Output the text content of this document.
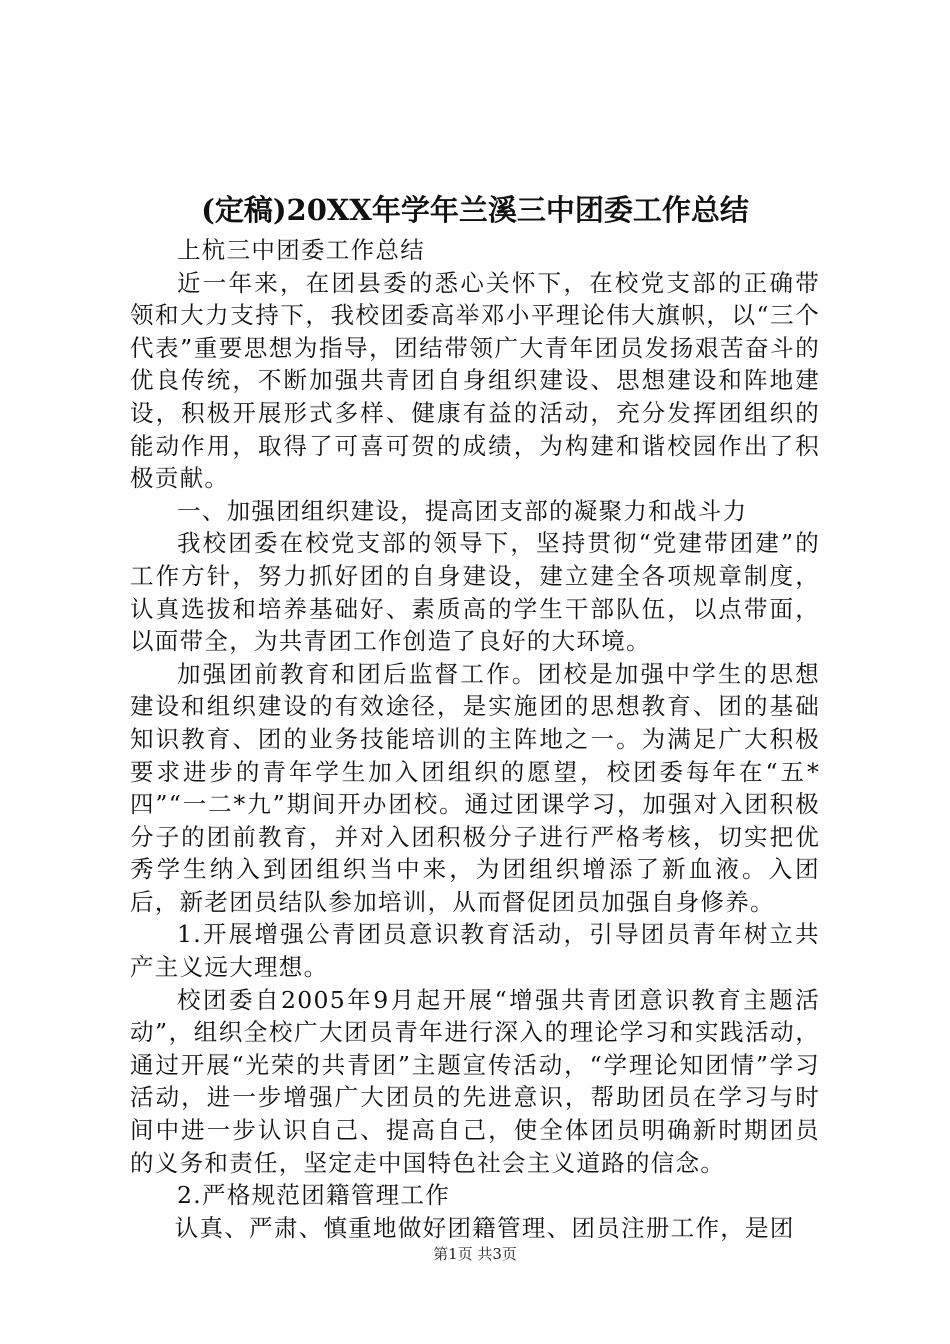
(定稿)20XX年学年兰溪三中团委工作总结

上杭三中团委工作总结

近一年来，在团县委的悉心关怀下，在校党支部的正确带领和大力支持下，我校团委高举邓小平理论伟大旗帜，以“三个代表”重要思想为指导，团结带领广大青年团员发扬艰苦奋斗的优良传统，不断加强共青团自身组织建设、思想建设和阵地建设，积极开展形式多样、健康有益的活动，充分发挥团组织的能动作用，取得了可喜可贺的成绩，为构建和谐校园作出了积极贡献。

一、加强团组织建设，提高团支部的凝聚力和战斗力

我校团委在校党支部的领导下，坚持贯彻“党建带团建”的工作方针，努力抓好团的自身建设，建立建全各项规章制度，认真选拔和培养基础好、素质高的学生干部队伍，以点带面，以面带全，为共青团工作创造了良好的大环境。

加强团前教育和团后监督工作。团校是加强中学生的思想建设和组织建设的有效途径，是实施团的思想教育、团的基础知识教育、团的业务技能培训的主阵地之一。为满足广大积极要求进步的青年学生加入团组织的愿望，校团委每年在“五*四”“一二*九”期间开办团校。通过团课学习，加强对入团积极分子的团前教育，并对入团积极分子进行严格考核，切实把优秀学生纳入到团组织当中来，为团组织增添了新血液。入团后，新老团员结队参加培训，从而督促团员加强自身修养。

1.开展增强公青团员意识教育活动，引导团员青年树立共产主义远大理想。

校团委自2005年9月起开展“增强共青团意识教育主题活动”，组织全校广大团员青年进行深入的理论学习和实践活动，通过开展“光荣的共青团”主题宣传活动，“学理论知团情”学习活动，进一步增强广大团员的先进意识，帮助团员在学习与时间中进一步认识自己、提高自己，使全体团员明确新时期团员的义务和责任，坚定走中国特色社会主义道路的信念。

2.严格规范团籍管理工作

认真、严肃、慎重地做好团籍管理、团员注册工作，是团

第1页 共3页
